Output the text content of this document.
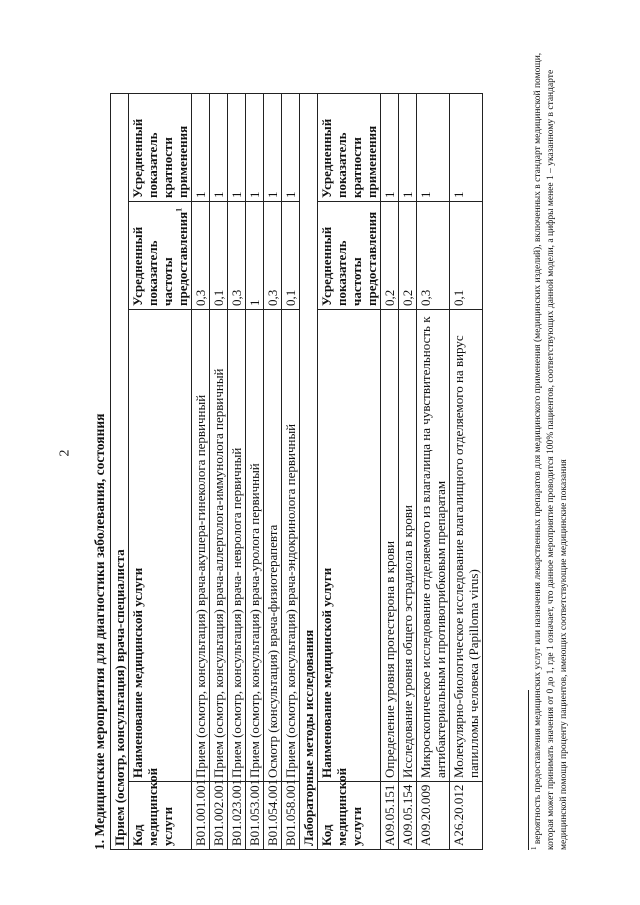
2 1. Медицинские мероприятия для диагностики заболевания, состояния Прием (осмотр, консультация) врача-специалиста			
Код медицинской услуги	Наименование медицинской услуги	Усредненный показатель частоты предоставления$^1$	Усредненный показатель кратности применения
B01.001.001	Прием (осмотр, консультация) врача-акушера-гинеколога первичный	0,3	1
B01.002.001	Прием (осмотр, консультация) врача-аллерголога-иммунолога первичный	0,1	1
B01.023.001	Прием (осмотр, консультация) врача- невролога первичный	0,3	1
B01.053.001	Прием (осмотр, консультация) врача-уролога первичный	1	1
B01.054.001	Осмотр (консультация) врача-физиотерапевта	0,3	1
B01.058.001	Прием (осмотр, консультация) врача-эндокринолога первичный	0,1	1
Лабораторные методы исследования			
Код медицинской услуги	Наименование медицинской услуги	Усредненный показатель частоты предоставления	Усредненный показатель кратности применения
A09.05.151	Определение уровня прогестерона в крови	0,2	1
A09.05.154	Исследование уровня общего эстрадиола в крови	0,2	1
A09.20.009	Микроскопическое исследование отделяемого из влагалища на чувствительность к антибактериальным и противогрибковым препаратам	0,3	1
A26.20.012	Молекулярно-биологическое исследование влагалищного отделяемого на вирус папилломы человека (Papilloma virus)	0,1	1
$^1$ вероятность предоставления медицинских услуг или назначения лекарственных препаратов для медицинского применения (медицинских изделий), включенных в стандарт медицинской помощи, которая может принимать значения от 0 до 1, где 1 означает, что данное мероприятие проводится 100% пациентов, соответствующих данной модели, а цифры менее 1 – указанному в стандарте медицинской помощи проценту пациентов, имеющих соответствующие медицинские показания
